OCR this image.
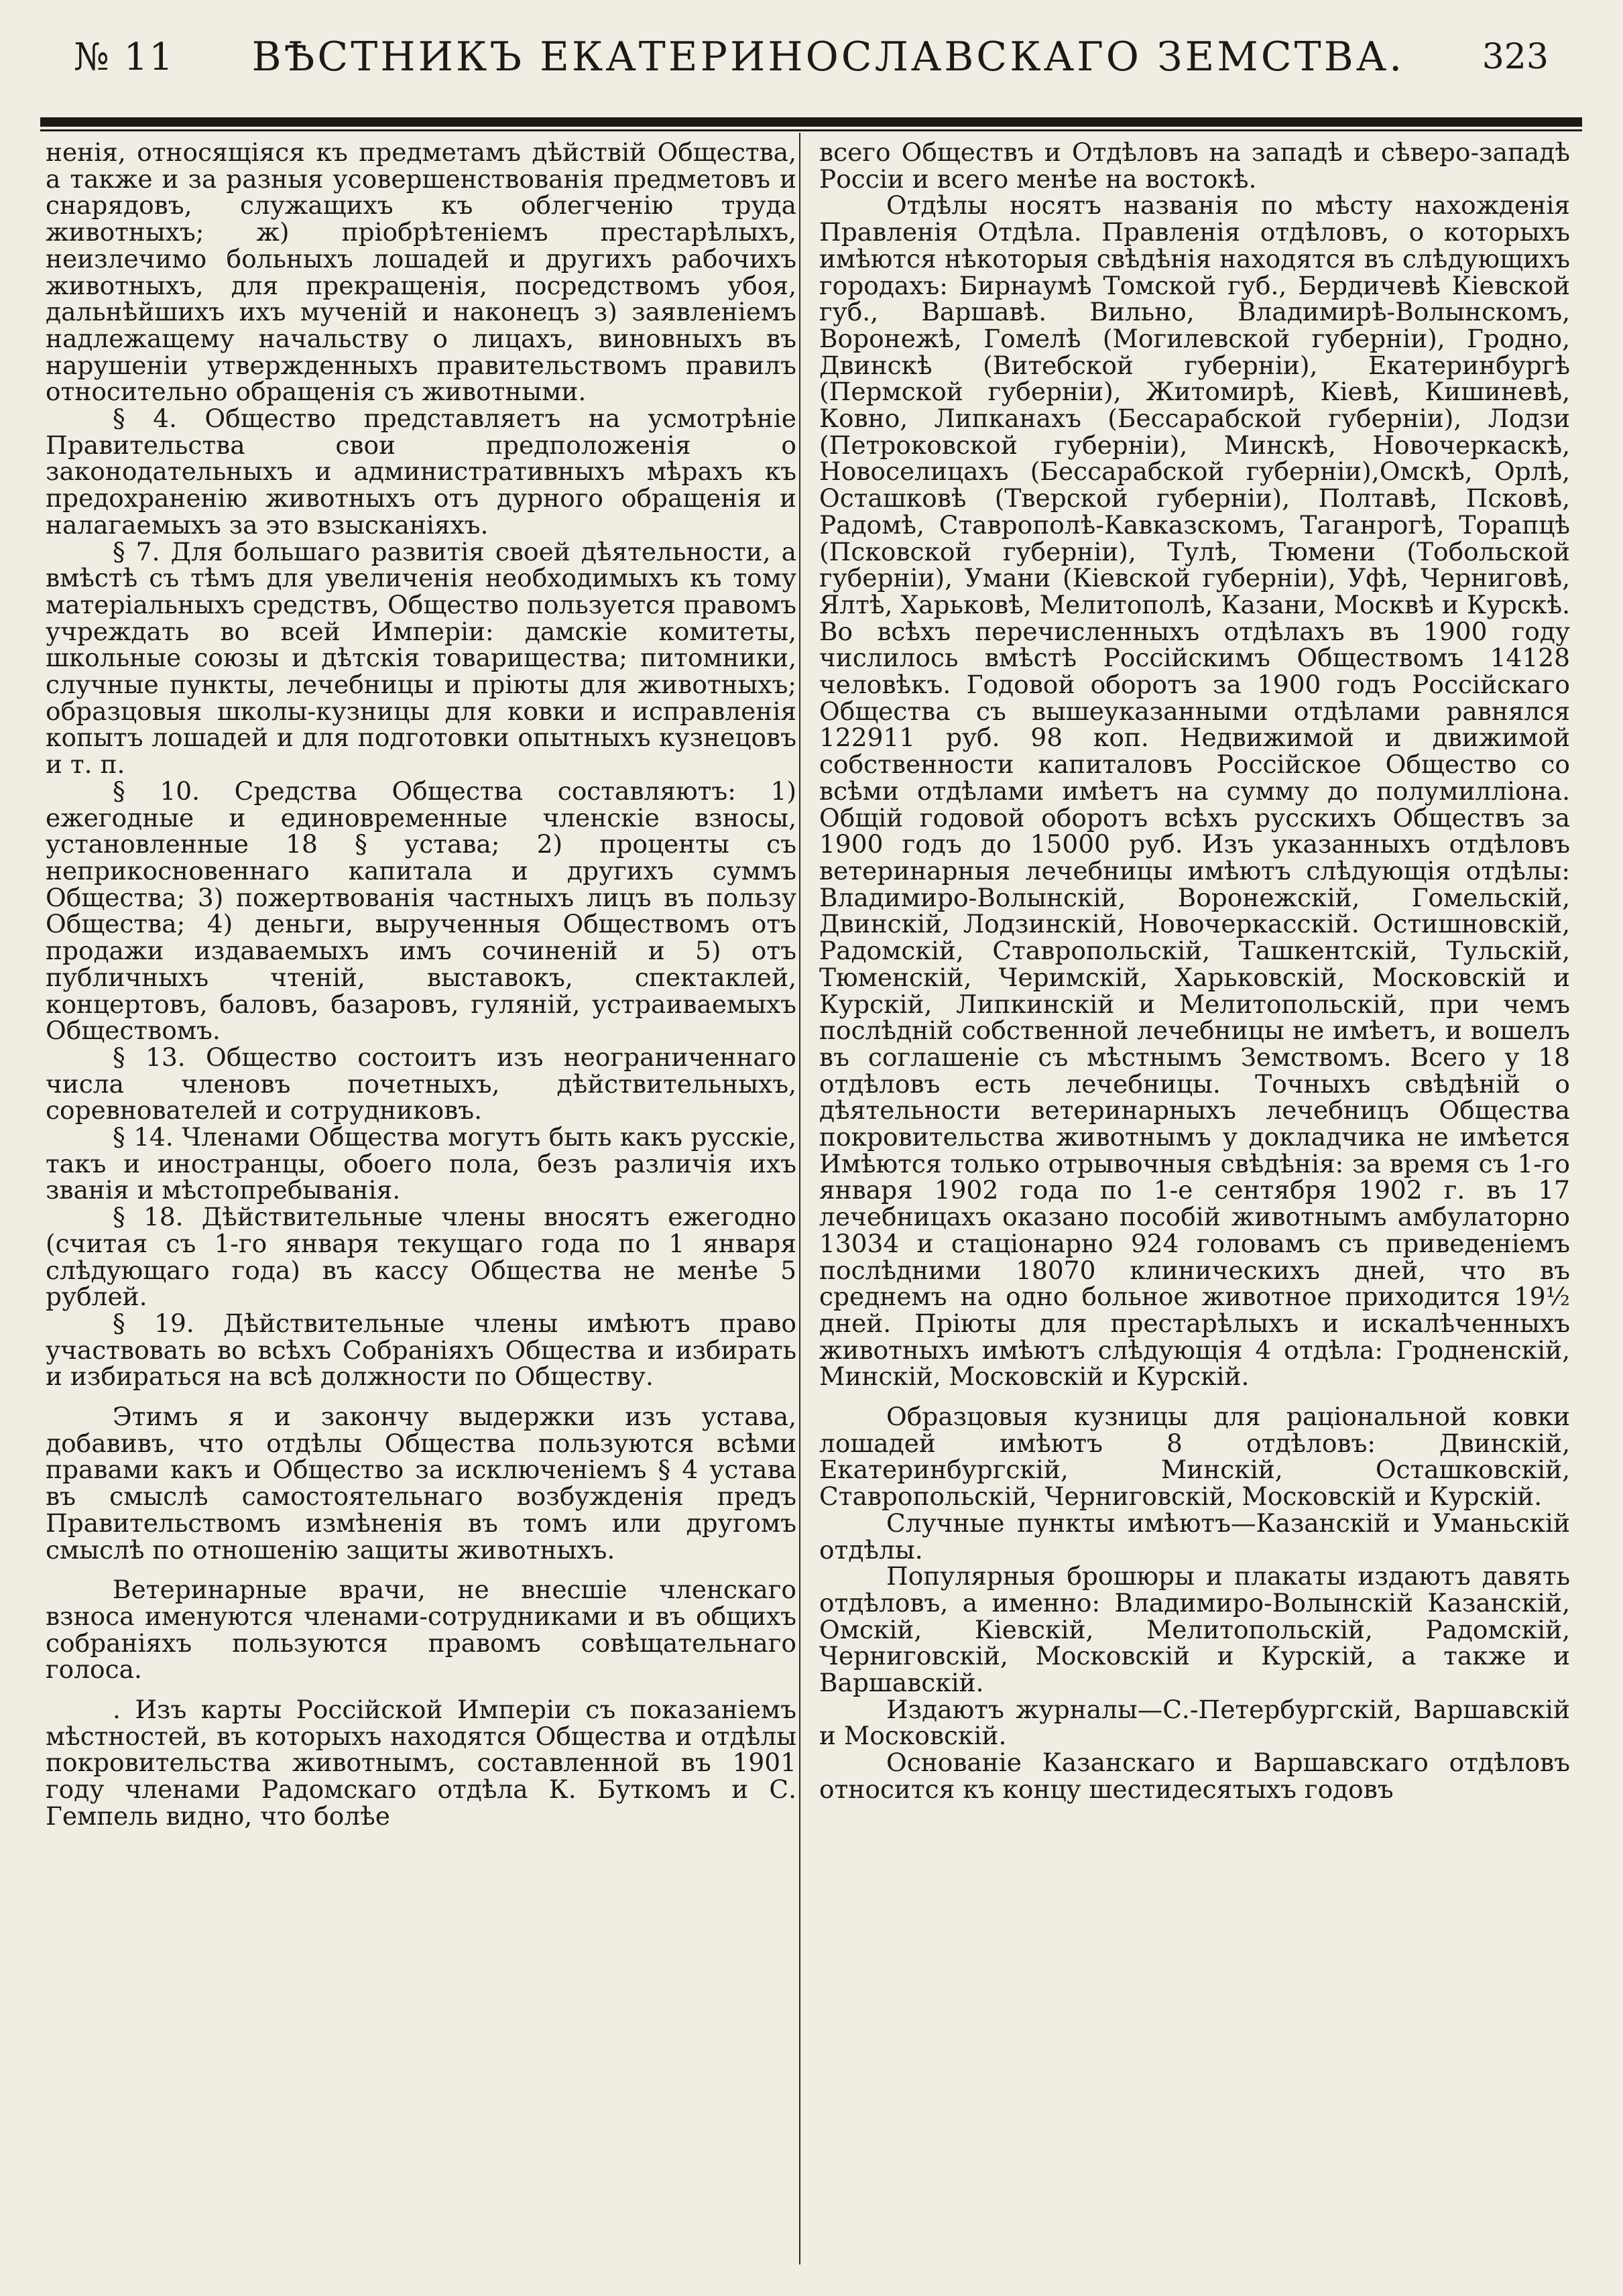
№ 11 ВѢСТНИКЪ ЕКАТЕРИНОСЛАВСКАГО ЗЕМСТВА. 323

нeнія, относящіяся къ предметамъ дѣйствій Общества, а также и за разныя усовершенствованія предметовъ и снарядовъ, служащихъ къ облегченію труда животныхъ; ж) пріобрѣтеніемъ престарѣлыхъ, неизлечимо больныхъ лошадей и другихъ рабочихъ животныхъ, для прекращенія, посредствомъ убоя, дальнѣйшихъ ихъ мученій и наконецъ з) заявленіемъ надлежащему начальству о лицахъ, виновныхъ въ нарушеніи утвержденныхъ правительствомъ правилъ относительно обращенія съ животными.

§ 4. Общество представляетъ на усмотрѣніе Правительства свои предположенія о законодательныхъ и административныхъ мѣрахъ къ предохраненію животныхъ отъ дурного обращенія и налагаемыхъ за это взысканіяхъ.

§ 7. Для большаго развитія своей дѣятельности, а вмѣстѣ съ тѣмъ для увеличенія необходимыхъ къ тому матеріальныхъ средствъ, Общество пользуется правомъ учреждать во всей Имперіи: дамскіе комитеты, школьные союзы и дѣтскія товарищества; питомники, случные пункты, лечебницы и пріюты для животныхъ; образцовыя школы-кузницы для ковки и исправленія копытъ лошадей и для подготовки опытныхъ кузнецовъ и т. п.

§ 10. Средства Общества составляютъ: 1) ежегодные и единовременные членскіе взносы, установленные 18 § устава; 2) проценты съ неприкосновеннаго капитала и другихъ суммъ Общества; 3) пожертвованія частныхъ лицъ въ пользу Общества; 4) деньги, вырученныя Обществомъ отъ продажи издаваемыхъ имъ сочиненій и 5) отъ публичныхъ чтеній, выставокъ, спектаклей, концертовъ, баловъ, базаровъ, гуляній, устраиваемыхъ Обществомъ.

§ 13. Общество состоитъ изъ неограниченнаго числа членовъ почетныхъ, дѣйствительныхъ, соревнователей и сотрудниковъ.

§ 14. Членами Общества могутъ быть какъ русскіе, такъ и иностранцы, обоего пола, безъ различія ихъ званія и мѣстопребыванія.

§ 18. Дѣйствительные члены вносятъ ежегодно (считая съ 1-го января текущаго года по 1 января слѣдующаго года) въ кассу Общества не менѣе 5 рублей.

§ 19. Дѣйствительные члены имѣютъ право участвовать во всѣхъ Собраніяхъ Общества и избирать и избираться на всѣ должности по Обществу.

Этимъ я и закончу выдержки изъ устава, добавивъ, что отдѣлы Общества пользуются всѣми правами какъ и Общество за исключеніемъ § 4 устава въ смыслѣ самостоятельнаго возбужденія предъ Правительствомъ измѣненія въ томъ или другомъ смыслѣ по отношенію защиты животныхъ.

Ветеринарные врачи, не внесшіе членскаго взноса именуются членами-сотрудниками и въ общихъ собраніяхъ пользуются правомъ совѣщательнаго голоса.

. Изъ карты Россійской Имперіи съ показаніемъ мѣстностей, въ которыхъ находятся Общества и отдѣлы покровительства животнымъ, составленной въ 1901 году членами Радомскаго отдѣла К. Буткомъ и С. Гемпель видно, что болѣе

всего Обществъ и Отдѣловъ на западѣ и сѣверо-западѣ Россіи и всего менѣе на востокѣ.

Отдѣлы носятъ названія по мѣсту нахожденія Правленія Отдѣла. Правленія отдѣловъ, о которыхъ имѣются нѣкоторыя свѣдѣнія находятся въ слѣдующихъ городахъ: Бирнаумѣ Томской губ., Бердичевѣ Кіевской губ., Варшавѣ. Вильно, Владимирѣ-Волынскомъ, Воронежѣ, Гомелѣ (Могилевской губерніи), Гродно, Двинскѣ (Витебской губерніи), Екатеринбургѣ (Пермской губерніи), Житомирѣ, Кіевѣ, Кишиневѣ, Ковно, Липканахъ (Бессарабской губерніи), Лодзи (Петроковской губерніи), Минскѣ, Новочеркаскѣ, Новоселицахъ (Бессарабской губерніи),Омскѣ, Орлѣ, Осташковѣ (Тверской губерніи), Полтавѣ, Псковѣ, Радомѣ, Ставрополѣ-Кавказскомъ, Таганрогѣ, Торапцѣ (Псковской губерніи), Тулѣ, Тюмени (Тобольской губерніи), Умани (Кіевской губерніи), Уфѣ, Черниговѣ, Ялтѣ, Харьковѣ, Мелитополѣ, Казани, Москвѣ и Курскѣ. Во всѣхъ перечисленныхъ отдѣлахъ въ 1900 году числилось вмѣстѣ Россійскимъ Обществомъ 14128 человѣкъ. Годовой оборотъ за 1900 годъ Россійскаго Общества съ вышеуказанными отдѣлами равнялся 122911 руб. 98 коп. Недвижимой и движимой собственности капиталовъ Россійское Общество со всѣми отдѣлами имѣетъ на сумму до полумилліона. Общій годовой оборотъ всѣхъ русскихъ Обществъ за 1900 годъ до 15000 руб. Изъ указанныхъ отдѣловъ ветеринарныя лечебницы имѣютъ слѣдующія отдѣлы: Владимиро-Волынскій, Воронежскій, Гомельскій, Двинскій, Лодзинскій, Новочеркасскій. Остишновскій, Радомскій, Ставропольскій, Ташкентскій, Тульскій, Тюменскій, Черимскій, Харьковскій, Московскій и Курскій, Липкинскій и Мелитопольскій, при чемъ послѣдній собственной лечебницы не имѣетъ, и вошелъ въ соглашеніе съ мѣстнымъ Земствомъ. Всего у 18 отдѣловъ есть лечебницы. Точныхъ свѣдѣній о дѣятельности ветеринарныхъ лечебницъ Общества покровительства животнымъ у докладчика не имѣется Имѣются только отрывочныя свѣдѣнія: за время съ 1-го января 1902 года по 1-е сентября 1902 г. въ 17 лечебницахъ оказано пособій животнымъ амбулаторно 13034 и стаціонарно 924 головамъ съ приведеніемъ послѣдними 18070 клиническихъ дней, что въ среднемъ на одно больное животное приходится 19½ дней. Пріюты для престарѣлыхъ и искалѣченныхъ животныхъ имѣютъ слѣдующія 4 отдѣла: Гродненскій, Минскій, Московскій и Курскій.

Образцовыя кузницы для раціональной ковки лошадей имѣютъ 8 отдѣловъ: Двинскій, Екатеринбургскій, Минскій, Осташковскій, Ставропольскій, Черниговскій, Московскій и Курскій.

Случные пункты имѣютъ—Казанскій и Уманьскій отдѣлы.

Популярныя брошюры и плакаты издаютъ давять отдѣловъ, а именно: Владимиро-Волынскій Казанскій, Омскій, Кіевскій, Мелитопольскій, Радомскій, Черниговскій, Московскій и Курскій, а также и Варшавскій.

Издаютъ журналы—С.-Петербургскій, Варшавскій и Московскій.

Основаніе Казанскаго и Варшавскаго отдѣловъ относится къ концу шестидесятыхъ годовъ
